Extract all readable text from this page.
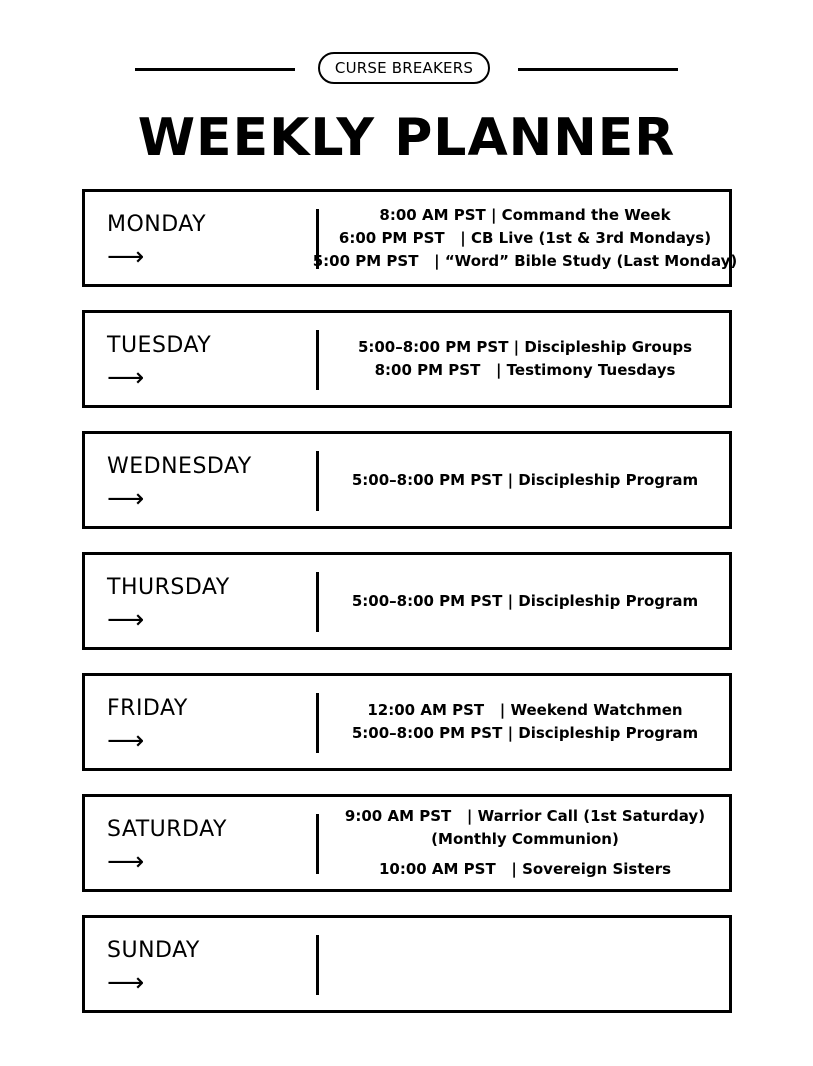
CURSE BREAKERS
WEEKLY PLANNER
MONDAY
⟶
8:00 AM PST | Command the Week
6:00 PM PST   | CB Live (1st & 3rd Mondays)
5:00 PM PST   | “Word” Bible Study (Last Monday)
TUESDAY
⟶
5:00–8:00 PM PST | Discipleship Groups
8:00 PM PST   | Testimony Tuesdays
WEDNESDAY
⟶
5:00–8:00 PM PST | Discipleship Program
THURSDAY
⟶
5:00–8:00 PM PST | Discipleship Program
FRIDAY
⟶
12:00 AM PST   | Weekend Watchmen
5:00–8:00 PM PST | Discipleship Program
SATURDAY
⟶
9:00 AM PST   | Warrior Call (1st Saturday)
(Monthly Communion)
10:00 AM PST   | Sovereign Sisters
SUNDAY
⟶
